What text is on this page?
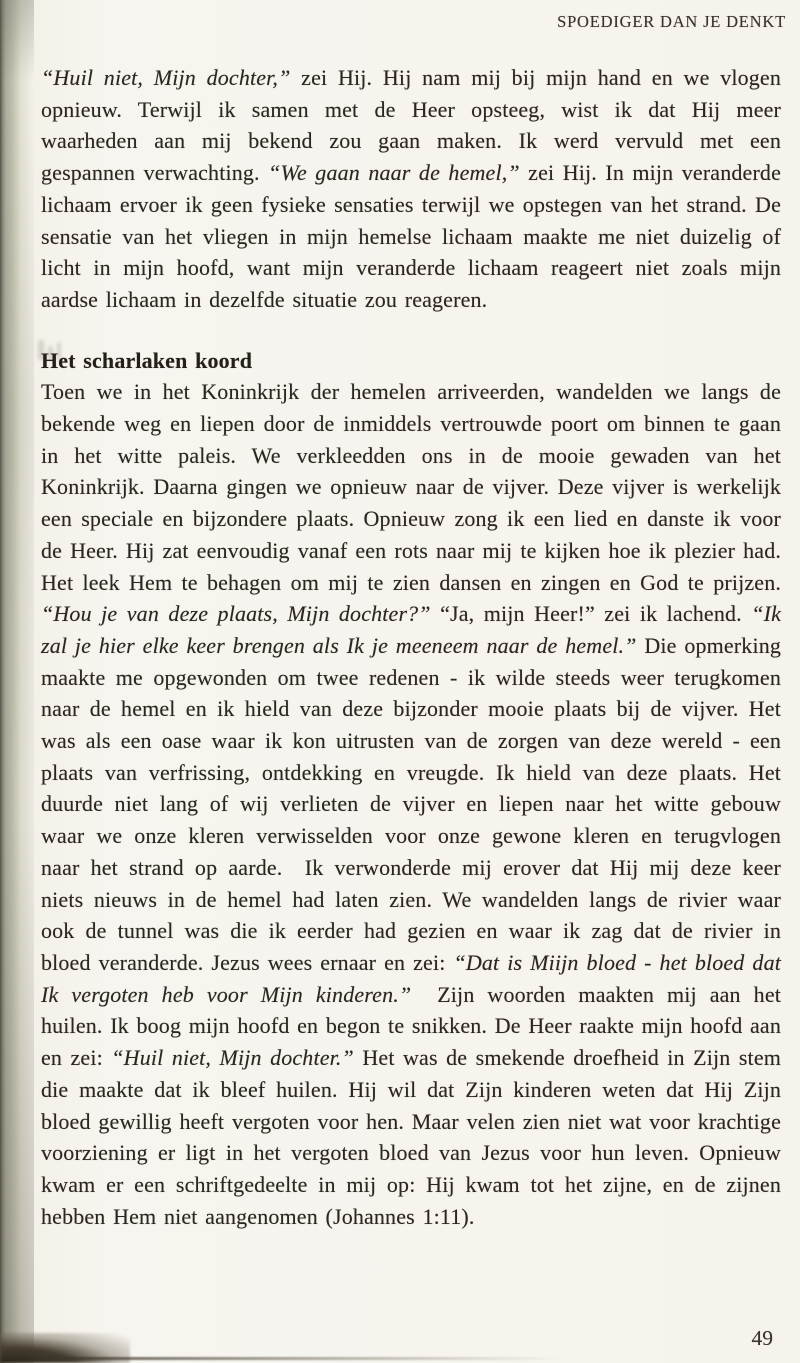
SPOEDIGER DAN JE DENKT

“Huil niet, Mijn dochter,” zei Hij. Hij nam mij bij mijn hand en we vlogen opnieuw. Terwijl ik samen met de Heer opsteeg, wist ik dat Hij meer waarheden aan mij bekend zou gaan maken. Ik werd vervuld met een gespannen verwachting. “We gaan naar de hemel,” zei Hij. In mijn veranderde lichaam ervoer ik geen fysieke sensaties terwijl we opstegen van het strand. De sensatie van het vliegen in mijn hemelse lichaam maakte me niet duizelig of licht in mijn hoofd, want mijn veranderde lichaam reageert niet zoals mijn aardse lichaam in dezelfde situatie zou reageren.

Het scharlaken koord

Toen we in het Koninkrijk der hemelen arriveerden, wandelden we langs de bekende weg en liepen door de inmiddels vertrouwde poort om binnen te gaan in het witte paleis. We verkleedden ons in de mooie gewaden van het Koninkrijk. Daarna gingen we opnieuw naar de vijver. Deze vijver is werkelijk een speciale en bijzondere plaats. Opnieuw zong ik een lied en danste ik voor de Heer. Hij zat eenvoudig vanaf een rots naar mij te kijken hoe ik plezier had. Het leek Hem te behagen om mij te zien dansen en zingen en God te prijzen. “Hou je van deze plaats, Mijn dochter?” “Ja, mijn Heer!” zei ik lachend. “Ik zal je hier elke keer brengen als Ik je meeneem naar de hemel.” Die opmerking maakte me opgewonden om twee redenen - ik wilde steeds weer terugkomen naar de hemel en ik hield van deze bijzonder mooie plaats bij de vijver. Het was als een oase waar ik kon uitrusten van de zorgen van deze wereld - een plaats van verfrissing, ontdekking en vreugde. Ik hield van deze plaats. Het duurde niet lang of wij verlieten de vijver en liepen naar het witte gebouw waar we onze kleren verwisselden voor onze gewone kleren en terugvlogen naar het strand op aarde.  Ik verwonderde mij erover dat Hij mij deze keer niets nieuws in de hemel had laten zien. We wandelden langs de rivier waar ook de tunnel was die ik eerder had gezien en waar ik zag dat de rivier in bloed veranderde. Jezus wees ernaar en zei: “Dat is Miijn bloed - het bloed dat Ik vergoten heb voor Mijn kinderen.”  Zijn woorden maakten mij aan het huilen. Ik boog mijn hoofd en begon te snikken. De Heer raakte mijn hoofd aan en zei: “Huil niet, Mijn dochter.” Het was de smekende droefheid in Zijn stem die maakte dat ik bleef huilen. Hij wil dat Zijn kinderen weten dat Hij Zijn bloed gewillig heeft vergoten voor hen. Maar velen zien niet wat voor krachtige voorziening er ligt in het vergoten bloed van Jezus voor hun leven. Opnieuw kwam er een schriftgedeelte in mij op: Hij kwam tot het zijne, en de zijnen hebben Hem niet aangenomen (Johannes 1:11).

49
